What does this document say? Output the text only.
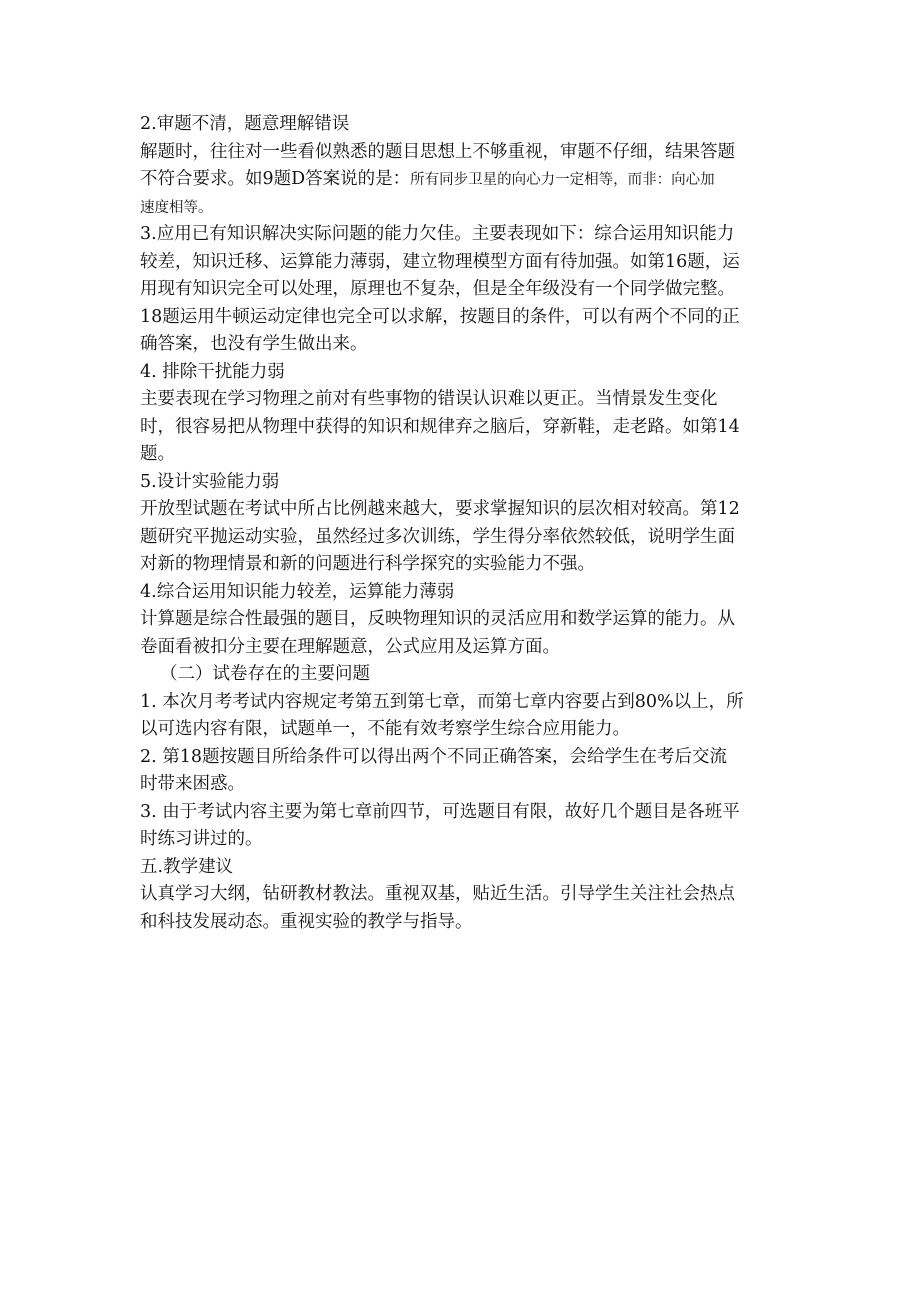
2.审题不清，题意理解错误
解题时，往往对一些看似熟悉的题目思想上不够重视，审题不仔细，结果答题
不符合要求。如9题D答案说的是：所有同步卫星的向心力一定相等，而非：向心加
速度相等。
3.应用已有知识解决实际问题的能力欠佳。主要表现如下：综合运用知识能力
较差，知识迁移、运算能力薄弱，建立物理模型方面有待加强。如第16题，运
用现有知识完全可以处理，原理也不复杂，但是全年级没有一个同学做完整。
18题运用牛顿运动定律也完全可以求解，按题目的条件，可以有两个不同的正
确答案，也没有学生做出来。
4. 排除干扰能力弱
主要表现在学习物理之前对有些事物的错误认识难以更正。当情景发生变化
时，很容易把从物理中获得的知识和规律弃之脑后，穿新鞋，走老路。如第14
题。
5.设计实验能力弱
开放型试题在考试中所占比例越来越大，要求掌握知识的层次相对较高。第12
题研究平抛运动实验，虽然经过多次训练，学生得分率依然较低，说明学生面
对新的物理情景和新的问题进行科学探究的实验能力不强。
4.综合运用知识能力较差，运算能力薄弱
计算题是综合性最强的题目，反映物理知识的灵活应用和数学运算的能力。从
卷面看被扣分主要在理解题意，公式应用及运算方面。
（二）试卷存在的主要问题
1. 本次月考考试内容规定考第五到第七章，而第七章内容要占到80%以上，所
以可选内容有限，试题单一，不能有效考察学生综合应用能力。
2. 第18题按题目所给条件可以得出两个不同正确答案，会给学生在考后交流
时带来困惑。
3. 由于考试内容主要为第七章前四节，可选题目有限，故好几个题目是各班平
时练习讲过的。
五.教学建议
认真学习大纲，钻研教材教法。重视双基，贴近生活。引导学生关注社会热点
和科技发展动态。重视实验的教学与指导。
